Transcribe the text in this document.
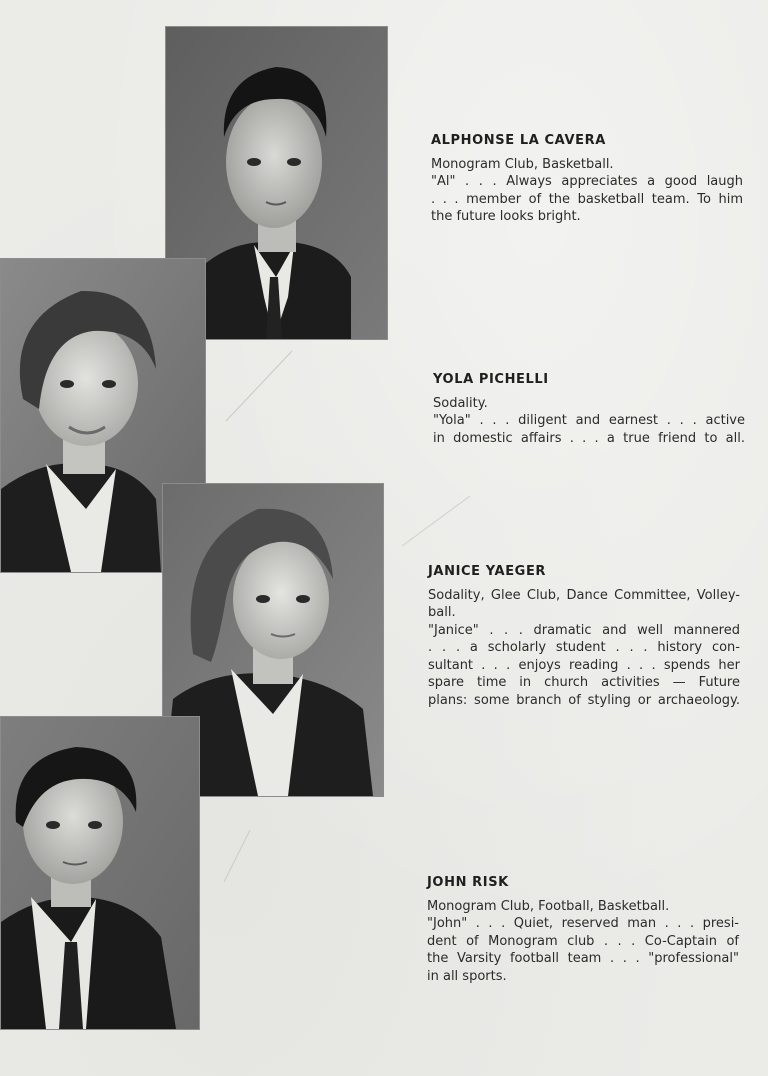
ALPHONSE LA CAVERA
Monogram Club, Basketball.
"Al" . . . Always appreciates a good laugh
. . . member of the basketball team. To him
the future looks bright.
YOLA PICHELLI
Sodality.
"Yola" . . . diligent and earnest . . . active
in domestic affairs . . . a true friend to all.
JANICE YAEGER
Sodality, Glee Club, Dance Committee, Volley-
ball.
"Janice" . . . dramatic and well mannered
. . . a scholarly student . . . history con-
sultant . . . enjoys reading . . . spends her
spare time in church activities — Future
plans: some branch of styling or archaeology.
JOHN RISK
Monogram Club, Football, Basketball.
"John" . . . Quiet, reserved man . . . presi-
dent of Monogram club . . . Co-Captain of
the Varsity football team . . . "professional"
in all sports.
